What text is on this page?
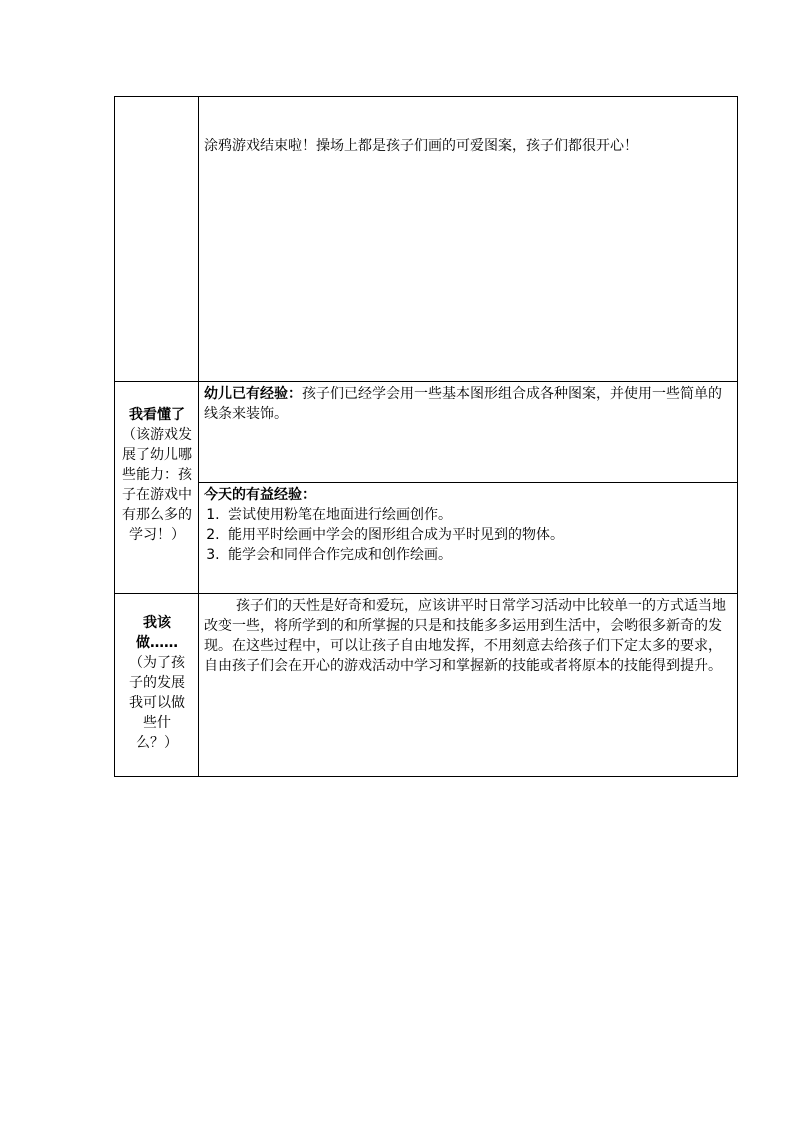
涂鸦游戏结束啦！操场上都是孩子们画的可爱图案，孩子们都很开心！
我看懂了
（该游戏发展了幼儿哪些能力：孩子在游戏中有那么多的学习！）
幼儿已有经验：孩子们已经学会用一些基本图形组合成各种图案，并使用一些简单的线条来装饰。
今天的有益经验：
1. 尝试使用粉笔在地面进行绘画创作。
2. 能用平时绘画中学会的图形组合成为平时见到的物体。
3. 能学会和同伴合作完成和创作绘画。
我该做……
（为了孩子的发展我可以做些什么？）
孩子们的天性是好奇和爱玩，应该讲平时日常学习活动中比较单一的方式适当地改变一些，将所学到的和所掌握的只是和技能多多运用到生活中，会哟很多新奇的发现。在这些过程中，可以让孩子自由地发挥，不用刻意去给孩子们下定太多的要求，自由孩子们会在开心的游戏活动中学习和掌握新的技能或者将原本的技能得到提升。
